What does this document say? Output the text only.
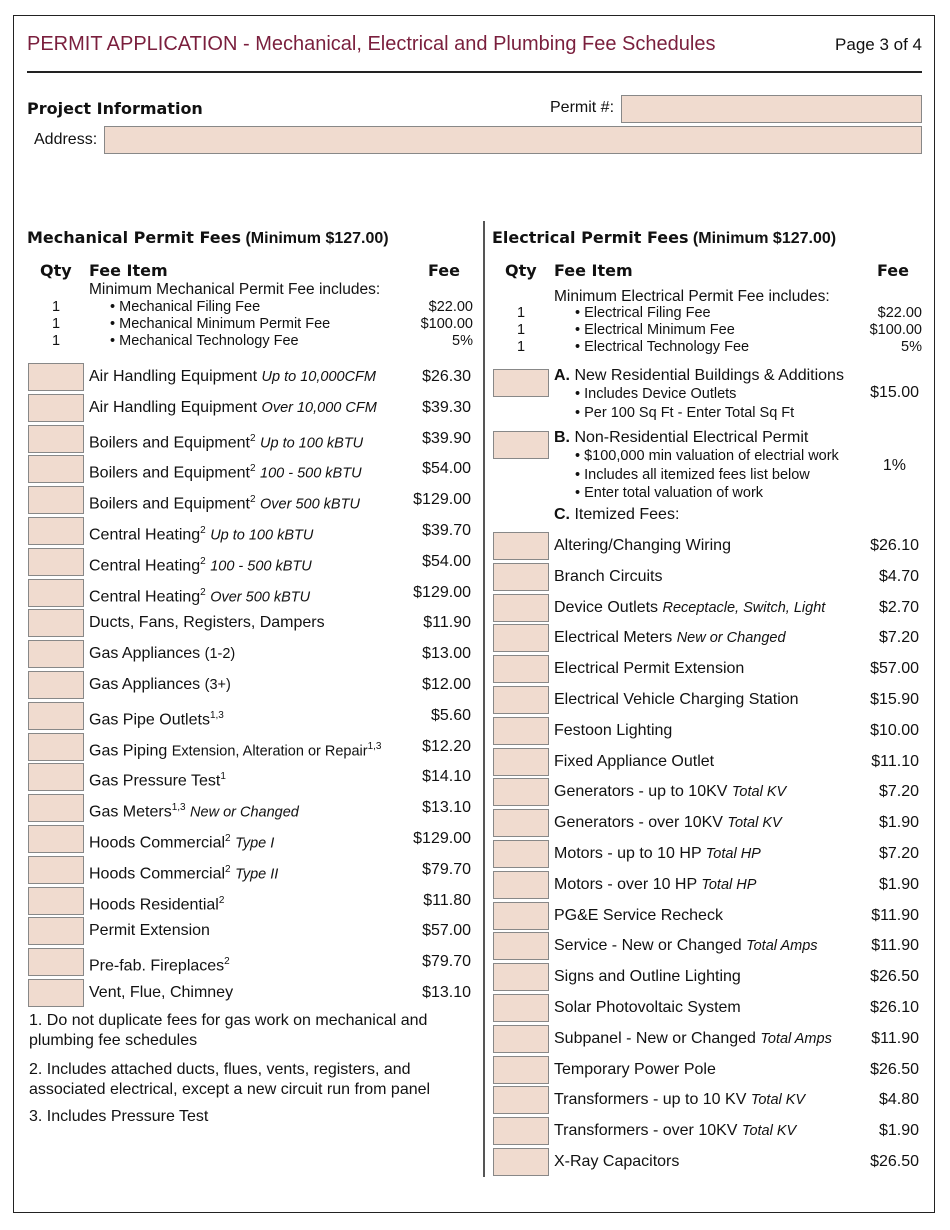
PERMIT APPLICATION - Mechanical, Electrical and Plumbing Fee Schedules	Page 3 of 4
Project Information	Permit #:
Address:
Mechanical Permit Fees (Minimum $127.00)
Qty Fee Item	Fee
Minimum Mechanical Permit Fee includes:
1	• Mechanical Filing Fee	$22.00
1	• Mechanical Minimum Permit Fee	$100.00
1	• Mechanical Technology Fee	5%
Air Handling Equipment Up to 10,000CFM	$26.30
Air Handling Equipment Over 10,000 CFM	$39.30
Boilers and Equipment$^2$ Up to 100 kBTU	$39.90
Boilers and Equipment$^2$ 100 - 500 kBTU	$54.00
Boilers and Equipment$^2$ Over 500 kBTU	$129.00
Central Heating$^2$ Up to 100 kBTU	$39.70
Central Heating$^2$ 100 - 500 kBTU	$54.00
Central Heating$^2$ Over 500 kBTU	$129.00
Ducts, Fans, Registers, Dampers	$11.90
Gas Appliances (1-2)	$13.00
Gas Appliances (3+)	$12.00
Gas Pipe Outlets$^{1,3}$	$5.60
Gas Piping Extension, Alteration or Repair$^{1,3}$	$12.20
Gas Pressure Test$^1$	$14.10
Gas Meters$^{1,3}$ New or Changed	$13.10
Hoods Commercial$^2$ Type I	$129.00
Hoods Commercial$^2$ Type II	$79.70
Hoods Residential$^2$	$11.80
Permit Extension	$57.00
Pre-fab. Fireplaces$^2$	$79.70
Vent, Flue, Chimney	$13.10
1. Do not duplicate fees for gas work on mechanical and plumbing fee schedules
2. Includes attached ducts, flues, vents, registers, and associated electrical, except a new circuit run from panel
3. Includes Pressure Test
Electrical Permit Fees (Minimum $127.00)
Qty Fee Item	Fee
Minimum Electrical Permit Fee includes:
1	• Electrical Filing Fee	$22.00
1	• Electrical Minimum Fee	$100.00
1	• Electrical Technology Fee	5%
A. New Residential Buildings & Additions
$15.00
• Includes Device Outlets
• Per 100 Sq Ft - Enter Total Sq Ft
B. Non-Residential Electrical Permit
1%
• $100,000 min valuation of electrial work
• Includes all itemized fees list below
• Enter total valuation of work
C. Itemized Fees:
Altering/Changing Wiring	$26.10
Branch Circuits	$4.70
Device Outlets Receptacle, Switch, Light	$2.70
Electrical Meters New or Changed	$7.20
Electrical Permit Extension	$57.00
Electrical Vehicle Charging Station	$15.90
Festoon Lighting	$10.00
Fixed Appliance Outlet	$11.10
Generators - up to 10KV Total KV	$7.20
Generators - over 10KV Total KV	$1.90
Motors - up to 10 HP Total HP	$7.20
Motors - over 10 HP Total HP	$1.90
PG&E Service Recheck	$11.90
Service - New or Changed Total Amps	$11.90
Signs and Outline Lighting	$26.50
Solar Photovoltaic System	$26.10
Subpanel - New or Changed Total Amps $11.90
Temporary Power Pole	$26.50
Transformers - up to 10 KV Total KV	$4.80
Transformers - over 10KV Total KV	$1.90
X-Ray Capacitors	$26.50
